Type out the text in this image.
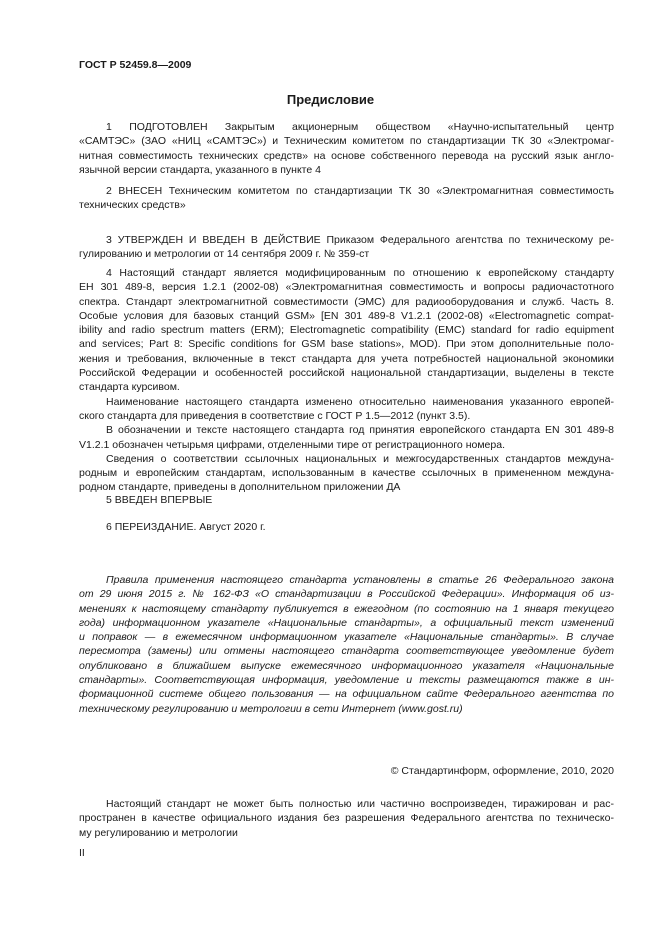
ГОСТ Р 52459.8—2009
Предисловие
1 ПОДГОТОВЛЕН Закрытым акционерным обществом «Научно-испытательный центр
«САМТЭС» (ЗАО «НИЦ «САМТЭС») и Техническим комитетом по стандартизации ТК 30 «Электромаг-
нитная совместимость технических средств» на основе собственного перевода на русский язык англо-
язычной версии стандарта, указанного в пункте 4
2 ВНЕСЕН Техническим комитетом по стандартизации ТК 30 «Электромагнитная совместимость
технических средств»
3 УТВЕРЖДЕН И ВВЕДЕН В ДЕЙСТВИЕ Приказом Федерального агентства по техническому ре-
гулированию и метрологии от 14 сентября 2009 г. № 359-ст
4 Настоящий стандарт является модифицированным по отношению к европейскому стандарту
ЕН 301 489-8, версия 1.2.1 (2002-08) «Электромагнитная совместимость и вопросы радиочастотного
спектра. Стандарт электромагнитной совместимости (ЭМС) для радиооборудования и служб. Часть 8.
Особые условия для базовых станций GSM» [EN 301 489-8 V1.2.1 (2002-08) «Electromagnetic compat-
ibility and radio spectrum matters (ERM); Electromagnetic compatibility (EMC) standard for radio equipment
and services; Part 8: Specific conditions for GSM base stations», MOD). При этом дополнительные поло-
жения и требования, включенные в текст стандарта для учета потребностей национальной экономики
Российской Федерации и особенностей российской национальной стандартизации, выделены в тексте
стандарта курсивом.
Наименование настоящего стандарта изменено относительно наименования указанного европей-
ского стандарта для приведения в соответствие с ГОСТ Р 1.5—2012 (пункт 3.5).
В обозначении и тексте настоящего стандарта год принятия европейского стандарта EN 301 489-8
V1.2.1 обозначен четырьмя цифрами, отделенными тире от регистрационного номера.
Сведения о соответствии ссылочных национальных и межгосударственных стандартов междуна-
родным и европейским стандартам, использованным в качестве ссылочных в примененном междуна-
родном стандарте, приведены в дополнительном приложении ДА
5 ВВЕДЕН ВПЕРВЫЕ
6 ПЕРЕИЗДАНИЕ. Август 2020 г.
Правила применения настоящего стандарта установлены в статье 26 Федерального закона
от 29 июня 2015 г. № 162-ФЗ «О стандартизации в Российской Федерации». Информация об из-
менениях к настоящему стандарту публикуется в ежегодном (по состоянию на 1 января текущего
года) информационном указателе «Национальные стандарты», а официальный текст изменений
и поправок — в ежемесячном информационном указателе «Национальные стандарты». В случае
пересмотра (замены) или отмены настоящего стандарта соответствующее уведомление будет
опубликовано в ближайшем выпуске ежемесячного информационного указателя «Национальные
стандарты». Соответствующая информация, уведомление и тексты размещаются также в ин-
формационной системе общего пользования — на официальном сайте Федерального агентства по
техническому регулированию и метрологии в сети Интернет (www.gost.ru)
© Стандартинформ, оформление, 2010, 2020
Настоящий стандарт не может быть полностью или частично воспроизведен, тиражирован и рас-
пространен в качестве официального издания без разрешения Федерального агентства по техническо-
му регулированию и метрологии
II
